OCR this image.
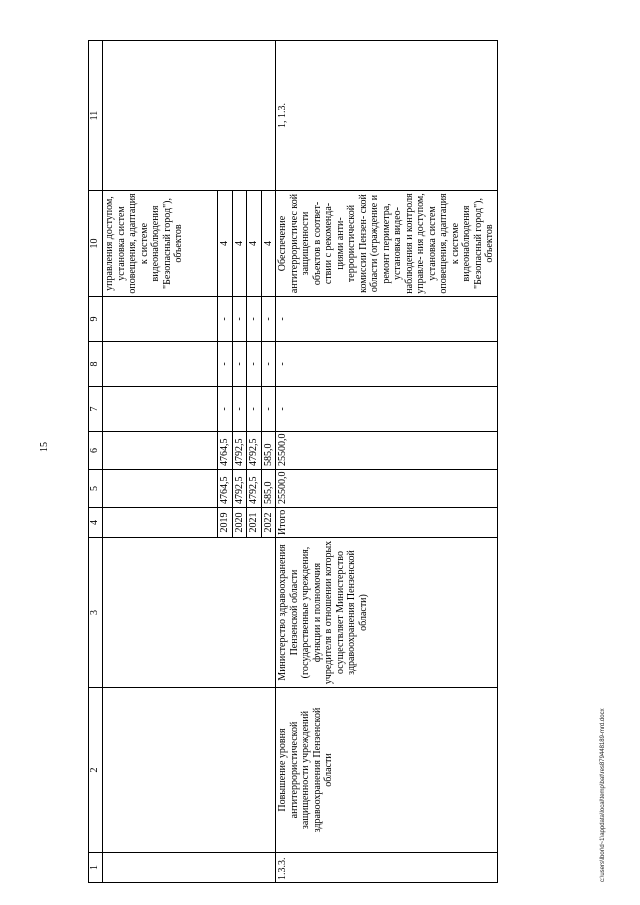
15
1	2	3	4	5	6	7	8	9	10	11
									управления доступом, установка систем оповещения, адаптация к системе видеонаблюдения "Безопасный город"), объектов	
			2019	4764,5	4764,5	-	-	-	4	
			2020	4792,5	4792,5	-	-	-	4	
			2021	4792,5	4792,5	-	-	-	4	
			2022	585,0	585,0	-	-	-	4	
1.3.3.	Повышение уровня антитеррористической защищенности учреждений здравоохранения Пензенской области	Министерство здравоохранения Пензенской области (государственные учреждения, функции и полномочия учредителя в отношении которых осуществляет Министерство здравоохранения Пензенской области)	Итого	25500,0	25500,0	-	-	-	Обеспечение антитеррористичес кой защищенности объектов в соответ- ствии с рекоменда- циями анти- террористической комиссии Пензен- ской области (ограждение и ремонт периметра, установка видео- наблюдения и контроля управле- ния доступом, установка систем оповещения, адаптация к системе видеонаблюдения "Безопасный город"), объектов	1, 1.3.
c:\users\lbor\d~1\appdata\local\temp\bat\res879448189-mrd.docx
